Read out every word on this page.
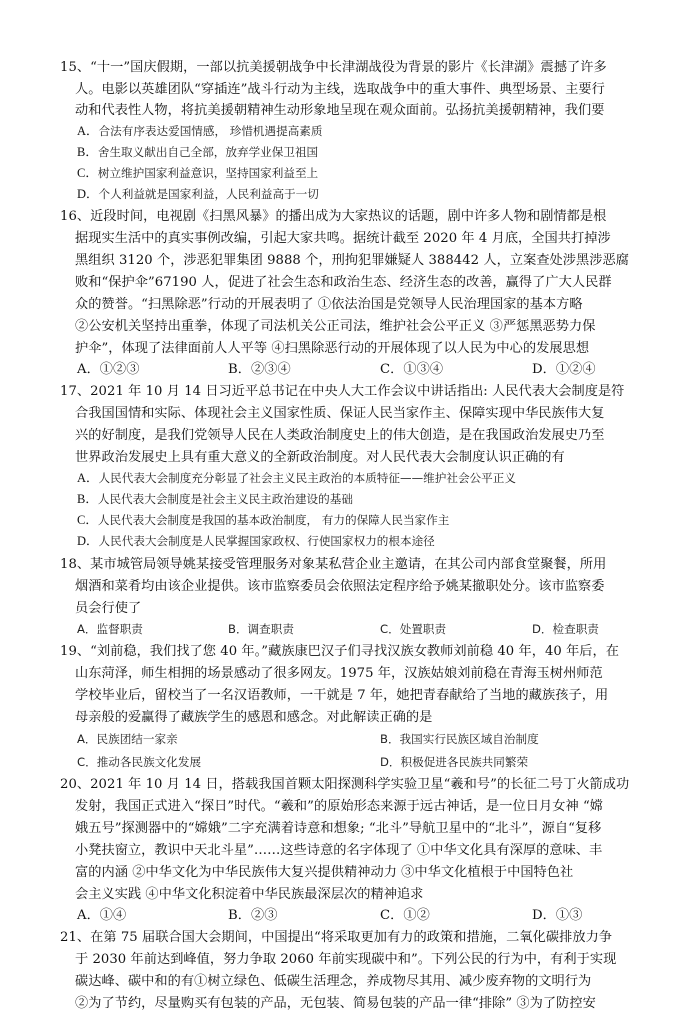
15、“十一”国庆假期，一部以抗美援朝战争中长津湖战役为背景的影片《长津湖》震撼了许多
人。电影以英雄团队“穿插连”战斗行动为主线，选取战争中的重大事件、典型场景、主要行
动和代表性人物，将抗美援朝精神生动形象地呈现在观众面前。弘扬抗美援朝精神，我们要
A．合法有序表达爱国情感， 珍惜机遇提高素质
B．舍生取义献出自己全部，放弃学业保卫祖国
C．树立维护国家利益意识，坚持国家利益至上
D．个人利益就是国家利益，人民利益高于一切
16、近段时间，电视剧《扫黑风暴》的播出成为大家热议的话题，剧中许多人物和剧情都是根
据现实生活中的真实事例改编，引起大家共鸣。据统计截至 2020 年 4 月底，全国共打掉涉
黑组织 3120 个，涉恶犯罪集团 9888 个，刑拘犯罪嫌疑人 388442 人，立案查处涉黑涉恶腐
败和“保护伞”67190 人，促进了社会生态和政治生态、经济生态的改善，赢得了广大人民群
众的赞誉。“扫黑除恶”行动的开展表明了 ①依法治国是党领导人民治理国家的基本方略
②公安机关坚持出重拳，体现了司法机关公正司法，维护社会公平正义 ③严惩黑恶势力保
护伞”，体现了法律面前人人平等 ④扫黑除恶行动的开展体现了以人民为中心的发展思想
A．①②③	B．②③④	C．①③④	D．①②④
17、2021 年 10 月 14 日习近平总书记在中央人大工作会议中讲话指出: 人民代表大会制度是符
合我国国情和实际、体现社会主义国家性质、保证人民当家作主、保障实现中华民族伟大复
兴的好制度，是我们党领导人民在人类政治制度史上的伟大创造，是在我国政治发展史乃至
世界政治发展史上具有重大意义的全新政治制度。对人民代表大会制度认识正确的有
A．人民代表大会制度充分彰显了社会主义民主政治的本质特征——维护社会公平正义
B．人民代表大会制度是社会主义民主政治建设的基础
C．人民代表大会制度是我国的基本政治制度， 有力的保障人民当家作主
D．人民代表大会制度是人民掌握国家政权、行使国家权力的根本途径
18、某市城管局领导姚某接受管理服务对象某私营企业主邀请，在其公司内部食堂聚餐，所用
烟酒和菜肴均由该企业提供。该市监察委员会依照法定程序给予姚某撤职处分。该市监察委
员会行使了
A．监督职责	B．调查职责	C．处置职责	D．检查职责
19、“刘前稳，我们找了您 40 年。”藏族康巴汉子们寻找汉族女教师刘前稳 40 年，40 年后，在
山东菏泽，师生相拥的场景感动了很多网友。1975 年，汉族姑娘刘前稳在青海玉树州师范
学校毕业后，留校当了一名汉语教师，一干就是 7 年，她把青春献给了当地的藏族孩子，用
母亲般的爱赢得了藏族学生的感恩和感念。对此解读正确的是
A．民族团结一家亲	B．我国实行民族区域自治制度
C．推动各民族文化发展	D．积极促进各民族共同繁荣
20、2021 年 10 月 14 日，搭载我国首颗太阳探测科学实验卫星“羲和号”的长征二号丁火箭成功
发射，我国正式进入“探日”时代。“羲和”的原始形态来源于远古神话，是一位日月女神 “嫦
娥五号”探测器中的“嫦娥”二字充满着诗意和想象; “北斗”导航卫星中的“北斗”，源自“复移
小凳扶窗立，教识中天北斗星”……这些诗意的名字体现了 ①中华文化具有深厚的意味、丰
富的内涵 ②中华文化为中华民族伟大复兴提供精神动力 ③中华文化植根于中国特色社
会主义实践 ④中华文化积淀着中华民族最深层次的精神追求
A．①④	B．②③	C．①②	D．①③
21、在第 75 届联合国大会期间，中国提出“将采取更加有力的政策和措施，二氧化碳排放力争
于 2030 年前达到峰值，努力争取 2060 年前实现碳中和”。下列公民的行为中，有利于实现
碳达峰、碳中和的有①树立绿色、低碳生活理念，养成物尽其用、减少废弃物的文明行为
②为了节约，尽量购买有包装的产品，无包装、简易包装的产品一律“排除” ③为了防控安
